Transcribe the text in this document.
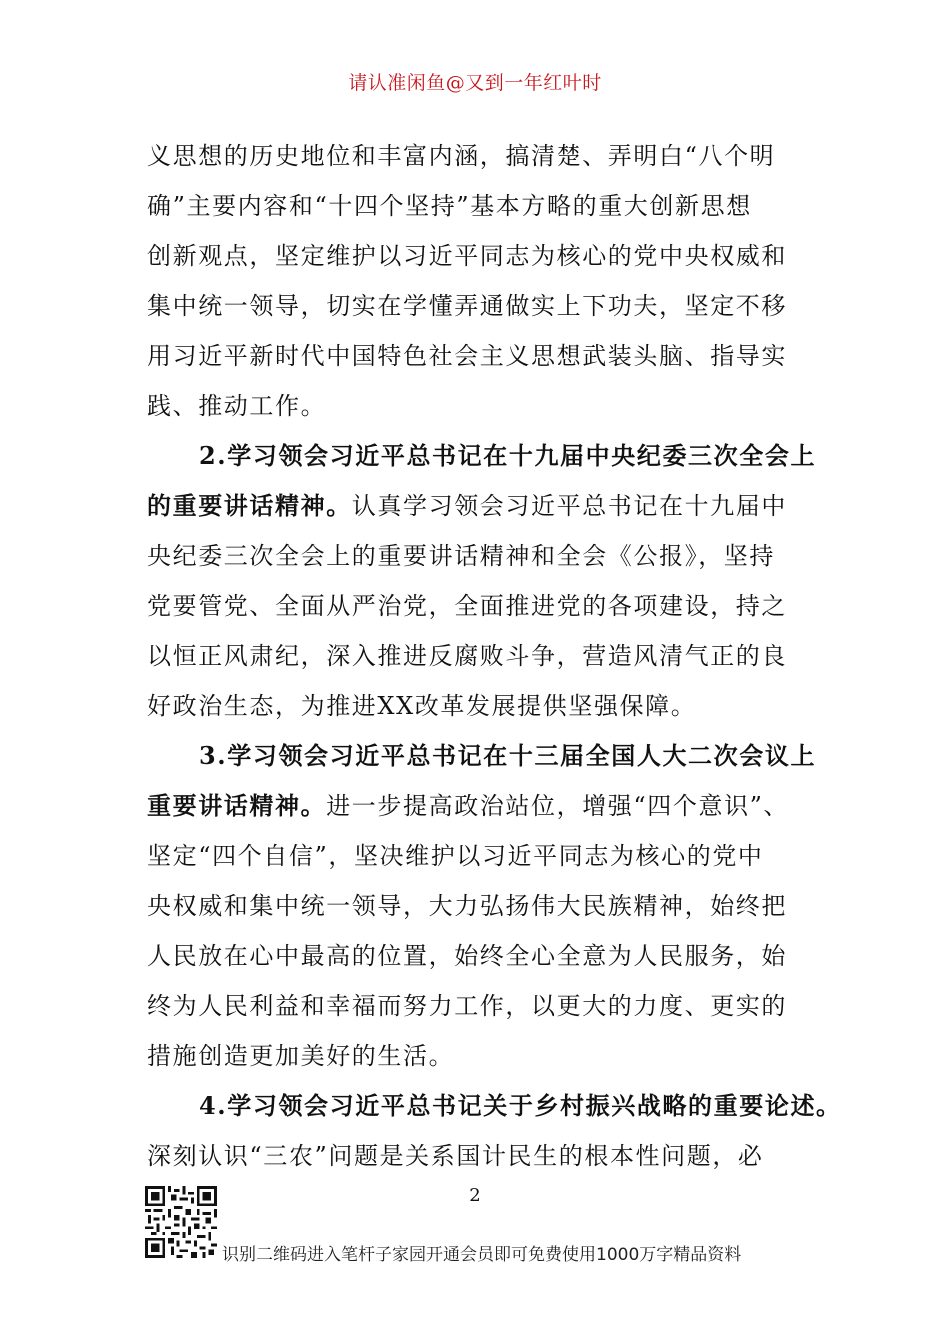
请认准闲鱼@又到一年红叶时
义思想的历史地位和丰富内涵，搞清楚、弄明白“八个明
确”主要内容和“十四个坚持”基本方略的重大创新思想
创新观点，坚定维护以习近平同志为核心的党中央权威和
集中统一领导，切实在学懂弄通做实上下功夫，坚定不移
用习近平新时代中国特色社会主义思想武装头脑、指导实
践、推动工作。
2.学习领会习近平总书记在十九届中央纪委三次全会上
的重要讲话精神。认真学习领会习近平总书记在十九届中
央纪委三次全会上的重要讲话精神和全会《公报》，坚持
党要管党、全面从严治党，全面推进党的各项建设，持之
以恒正风肃纪，深入推进反腐败斗争，营造风清气正的良
好政治生态，为推进XX改革发展提供坚强保障。
3.学习领会习近平总书记在十三届全国人大二次会议上
重要讲话精神。进一步提高政治站位，增强“四个意识”、
坚定“四个自信”，坚决维护以习近平同志为核心的党中
央权威和集中统一领导，大力弘扬伟大民族精神，始终把
人民放在心中最高的位置，始终全心全意为人民服务，始
终为人民利益和幸福而努力工作，以更大的力度、更实的
措施创造更加美好的生活。
4.学习领会习近平总书记关于乡村振兴战略的重要论述。
深刻认识“三农”问题是关系国计民生的根本性问题，必
2
识别二维码进入笔杆子家园开通会员即可免费使用1000万字精品资料
